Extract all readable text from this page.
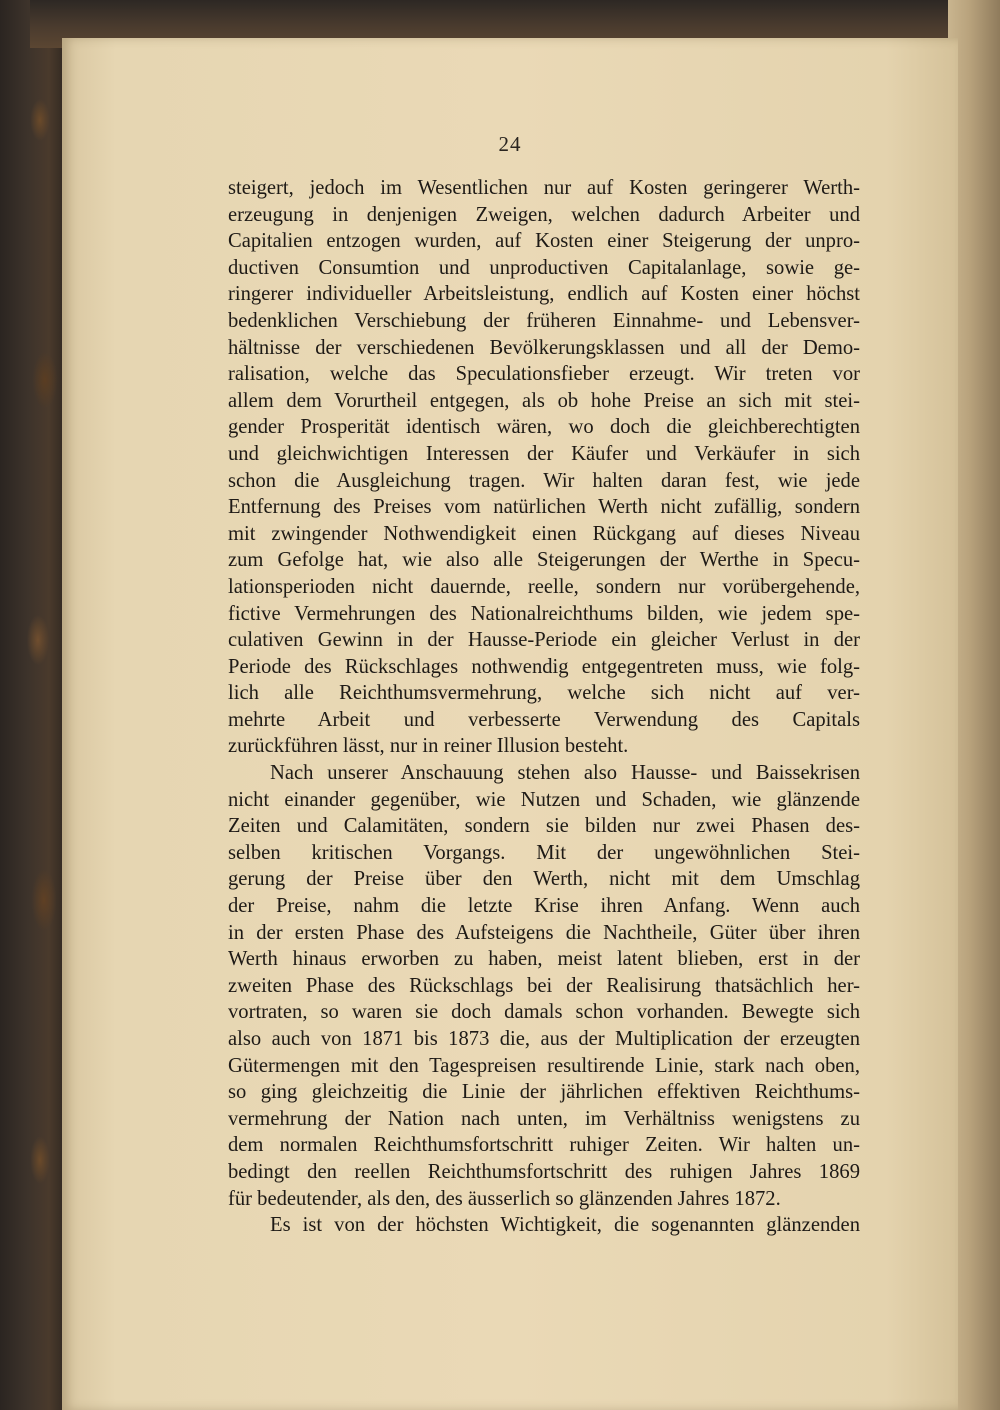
24
steigert, jedoch im Wesentlichen nur auf Kosten geringerer Werth-
erzeugung in denjenigen Zweigen, welchen dadurch Arbeiter und
Capitalien entzogen wurden, auf Kosten einer Steigerung der unpro-
ductiven Consumtion und unproductiven Capitalanlage, sowie ge-
ringerer individueller Arbeitsleistung, endlich auf Kosten einer höchst
bedenklichen Verschiebung der früheren Einnahme- und Lebensver-
hältnisse der verschiedenen Bevölkerungsklassen und all der Demo-
ralisation, welche das Speculationsfieber erzeugt. Wir treten vor
allem dem Vorurtheil entgegen, als ob hohe Preise an sich mit stei-
gender Prosperität identisch wären, wo doch die gleichberechtigten
und gleichwichtigen Interessen der Käufer und Verkäufer in sich
schon die Ausgleichung tragen. Wir halten daran fest, wie jede
Entfernung des Preises vom natürlichen Werth nicht zufällig, sondern
mit zwingender Nothwendigkeit einen Rückgang auf dieses Niveau
zum Gefolge hat, wie also alle Steigerungen der Werthe in Specu-
lationsperioden nicht dauernde, reelle, sondern nur vorübergehende,
fictive Vermehrungen des Nationalreichthums bilden, wie jedem spe-
culativen Gewinn in der Hausse-Periode ein gleicher Verlust in der
Periode des Rückschlages nothwendig entgegentreten muss, wie folg-
lich alle Reichthumsvermehrung, welche sich nicht auf ver-
mehrte Arbeit und verbesserte Verwendung des Capitals
zurückführen lässt, nur in reiner Illusion besteht.
Nach unserer Anschauung stehen also Hausse- und Baissekrisen
nicht einander gegenüber, wie Nutzen und Schaden, wie glänzende
Zeiten und Calamitäten, sondern sie bilden nur zwei Phasen des-
selben kritischen Vorgangs. Mit der ungewöhnlichen Stei-
gerung der Preise über den Werth, nicht mit dem Umschlag
der Preise, nahm die letzte Krise ihren Anfang. Wenn auch
in der ersten Phase des Aufsteigens die Nachtheile, Güter über ihren
Werth hinaus erworben zu haben, meist latent blieben, erst in der
zweiten Phase des Rückschlags bei der Realisirung thatsächlich her-
vortraten, so waren sie doch damals schon vorhanden. Bewegte sich
also auch von 1871 bis 1873 die, aus der Multiplication der erzeugten
Gütermengen mit den Tagespreisen resultirende Linie, stark nach oben,
so ging gleichzeitig die Linie der jährlichen effektiven Reichthums-
vermehrung der Nation nach unten, im Verhältniss wenigstens zu
dem normalen Reichthumsfortschritt ruhiger Zeiten. Wir halten un-
bedingt den reellen Reichthumsfortschritt des ruhigen Jahres 1869
für bedeutender, als den, des äusserlich so glänzenden Jahres 1872.
Es ist von der höchsten Wichtigkeit, die sogenannten glänzenden
